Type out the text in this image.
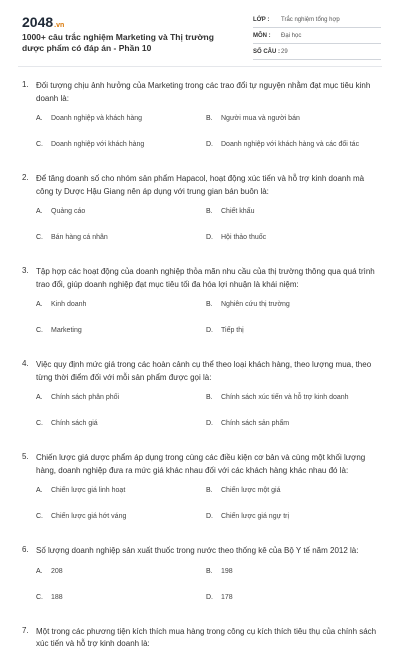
2048.vn
1000+ câu trắc nghiệm Marketing và Thị trường dược phẩm có đáp án - Phần 10
LỚP :	Trắc nghiệm tổng hợp
MÔN :	Đại học
SỐ CÂU : 29
1. Đối tượng chịu ảnh hưởng của Marketing trong các trao đổi tự nguyện nhằm đạt mục tiêu kinh doanh là:
A.	Doanh nghiệp và khách hàng	B.	Người mua và người bán
C.	Doanh nghiệp với khách hàng	D.	Doanh nghiệp với khách hàng và các đối tác
2. Để tăng doanh số cho nhóm sản phẩm Hapacol, hoạt động xúc tiến và hỗ trợ kinh doanh mà công ty Dược Hậu Giang nên áp dụng với trung gian bán buôn là:
A.	Quảng cáo	B.	Chiết khấu
C.	Bán hàng cá nhân	D.	Hội thảo thuốc
3. Tập hợp các hoạt động của doanh nghiệp thỏa mãn nhu cầu của thị trường thông qua quá trình trao đổi, giúp doanh nghiệp đạt mục tiêu tối đa hóa lợi nhuận là khái niệm:
A.	Kinh doanh	B.	Nghiên cứu thị trường
C.	Marketing	D.	Tiếp thị
4. Việc quy định mức giá trong các hoàn cảnh cụ thể theo loại khách hàng, theo lượng mua, theo từng thời điểm đối với mỗi sản phẩm được gọi là:
A.	Chính sách phân phối	B.	Chính sách xúc tiến và hỗ trợ kinh doanh
C.	Chính sách giá	D.	Chính sách sản phẩm
5. Chiến lược giá dược phẩm áp dụng trong cùng các điều kiện cơ bản và cùng một khối lượng hàng, doanh nghiệp đưa ra mức giá khác nhau đối với các khách hàng khác nhau đó là:
A.	Chiến lược giá linh hoạt	B.	Chiến lược một giá
C.	Chiến lược giá hớt váng	D.	Chiến lược giá ngự trị
6. Số lượng doanh nghiệp sản xuất thuốc trong nước theo thống kê của Bộ Y tế năm 2012 là:
A.	208	B.	198
C.	188	D.	178
7. Một trong các phương tiện kích thích mua hàng trong công cụ kích thích tiêu thụ của chính sách xúc tiến và hỗ trợ kinh doanh là:
